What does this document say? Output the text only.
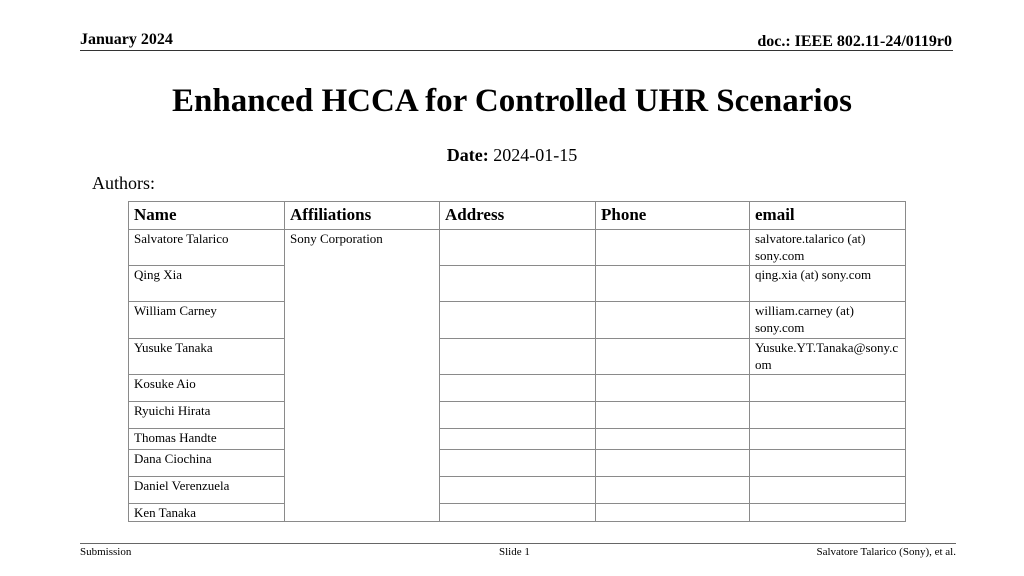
January 2024	doc.: IEEE 802.11-24/0119r0
Enhanced HCCA for Controlled UHR Scenarios
Date: 2024-01-15
Authors:
Name	Affiliations	Address	Phone	email
Salvatore Talarico	Sony Corporation			salvatore.talarico (at) sony.com
Qing Xia				qing.xia (at) sony.com
William Carney				william.carney (at) sony.com
Yusuke Tanaka				Yusuke.YT.Tanaka@sony.com
Kosuke Aio				
Ryuichi Hirata				
Thomas Handte				
Dana Ciochina				
Daniel Verenzuela				
Ken Tanaka				
Submission	Slide 1	Salvatore Talarico (Sony), et al.
